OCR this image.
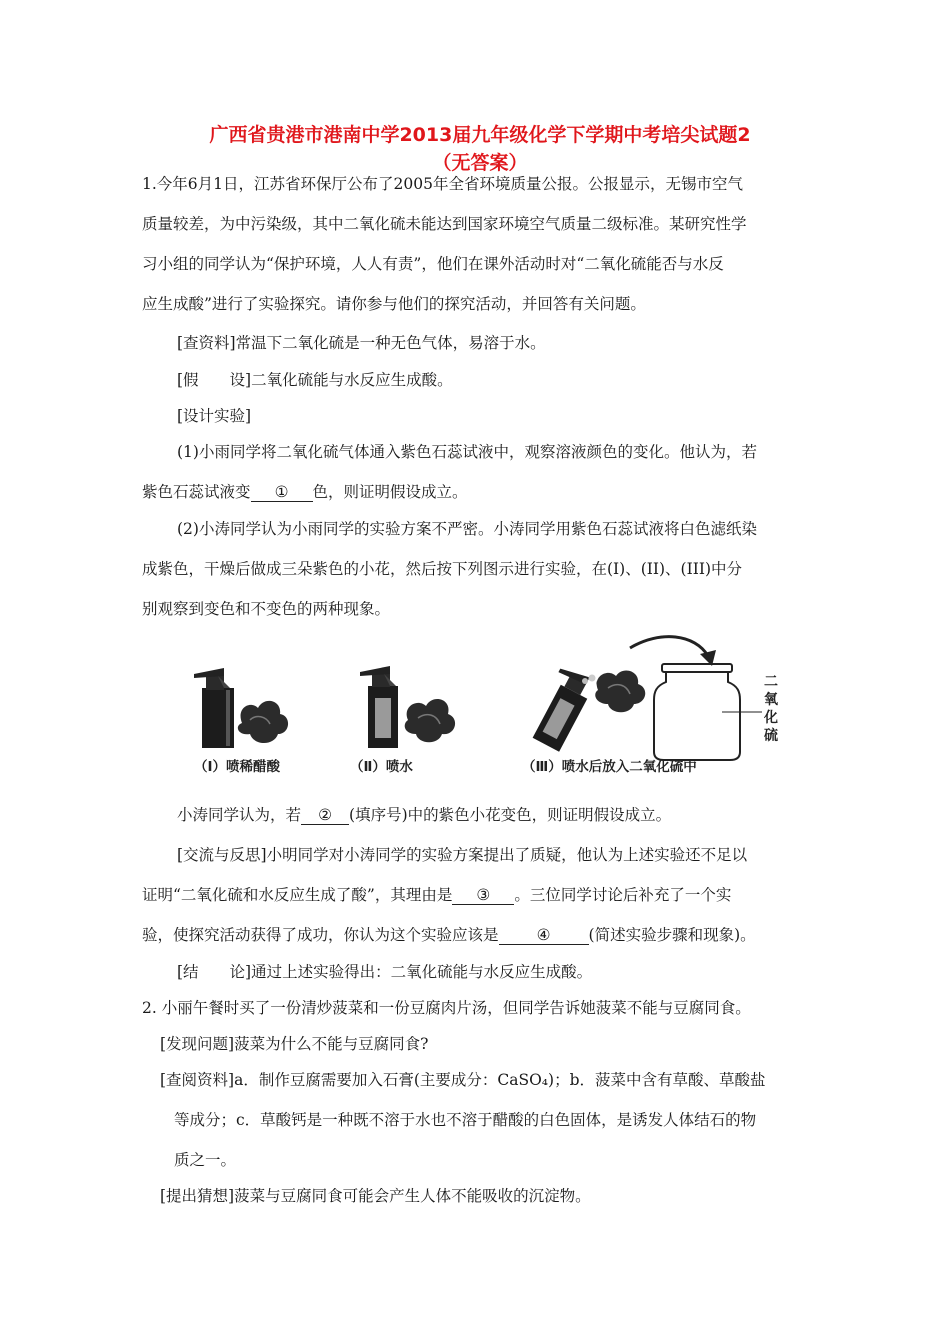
广西省贵港市港南中学2013届九年级化学下学期中考培尖试题2
（无答案）
1.今年6月1日，江苏省环保厅公布了2005年全省环境质量公报。公报显示，无锡市空气
质量较差，为中污染级，其中二氧化硫未能达到国家环境空气质量二级标准。某研究性学
习小组的同学认为“保护环境，人人有责”，他们在课外活动时对“二氧化硫能否与水反
应生成酸”进行了实验探究。请你参与他们的探究活动，并回答有关问题。
[查资料]常温下二氧化硫是一种无色气体，易溶于水。
[假　　设]二氧化硫能与水反应生成酸。
[设计实验]
(1)小雨同学将二氧化硫气体通入紫色石蕊试液中，观察溶液颜色的变化。他认为，若
紫色石蕊试液变 ① 色，则证明假设成立。
(2)小涛同学认为小雨同学的实验方案不严密。小涛同学用紫色石蕊试液将白色滤纸染
成紫色，干燥后做成三朵紫色的小花，然后按下列图示进行实验，在(I)、(II)、(III)中分
别观察到变色和不变色的两种现象。
（Ⅰ）喷稀醋酸	（Ⅱ）喷水
二
氧
化
硫
（Ⅲ）喷水后放入二氧化硫中
小涛同学认为，若 ② (填序号)中的紫色小花变色，则证明假设成立。
[交流与反思]小明同学对小涛同学的实验方案提出了质疑，他认为上述实验还不足以
证明“二氧化硫和水反应生成了酸”，其理由是 ③ 。三位同学讨论后补充了一个实
验，使探究活动获得了成功，你认为这个实验应该是 ④ (简述实验步骤和现象)。
[结　　论]通过上述实验得出：二氧化硫能与水反应生成酸。
2. 小丽午餐时买了一份清炒菠菜和一份豆腐肉片汤，但同学告诉她菠菜不能与豆腐同食。
[发现问题]菠菜为什么不能与豆腐同食?
[查阅资料]a．制作豆腐需要加入石膏(主要成分：CaSO₄)；b．菠菜中含有草酸、草酸盐
等成分；c．草酸钙是一种既不溶于水也不溶于醋酸的白色固体，是诱发人体结石的物
质之一。
[提出猜想]菠菜与豆腐同食可能会产生人体不能吸收的沉淀物。
